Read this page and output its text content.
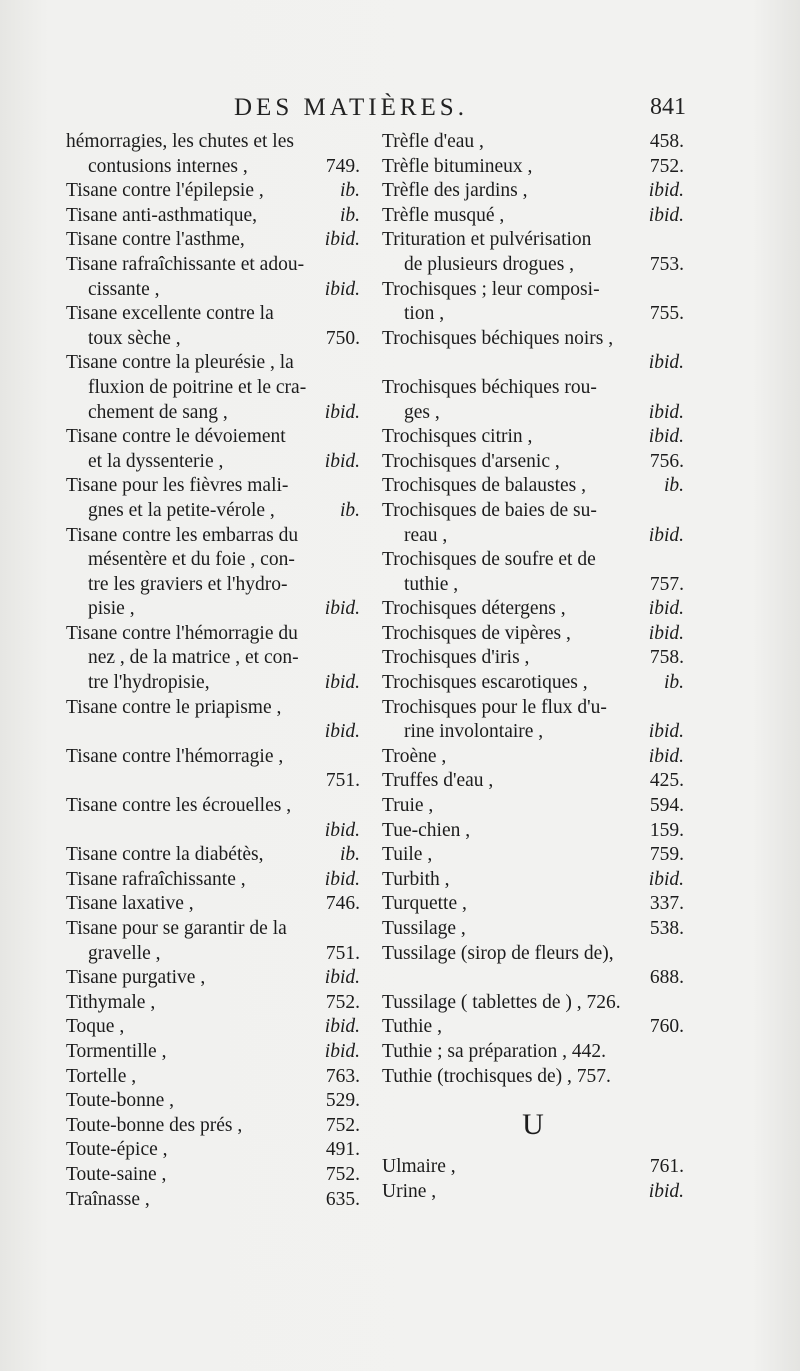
DES MATIÈRES.	841
hémorragies, les chutes et les
contusions internes ,	749.
Tisane contre l'épilepsie ,	ib.
Tisane anti-asthmatique,	ib.
Tisane contre l'asthme,	ibid.
Tisane rafraîchissante et adou-
cissante ,	ibid.
Tisane excellente contre la
toux sèche ,	750.
Tisane contre la pleurésie , la
fluxion de poitrine et le cra-
chement de sang ,	ibid.
Tisane contre le dévoiement
et la dyssenterie ,	ibid.
Tisane pour les fièvres mali-
gnes et la petite-vérole ,	ib.
Tisane contre les embarras du
mésentère et du foie , con-
tre les graviers et l'hydro-
pisie ,	ibid.
Tisane contre l'hémorragie du
nez , de la matrice , et con-
tre l'hydropisie,	ibid.
Tisane contre le priapisme ,
ibid.
Tisane contre l'hémorragie ,
751.
Tisane contre les écrouelles ,
ibid.
Tisane contre la diabétès,	ib.
Tisane rafraîchissante ,	ibid.
Tisane laxative ,	746.
Tisane pour se garantir de la
gravelle ,	751.
Tisane purgative ,	ibid.
Tithymale ,	752.
Toque ,	ibid.
Tormentille ,	ibid.
Tortelle ,	763.
Toute-bonne ,	529.
Toute-bonne des prés ,	752.
Toute-épice ,	491.
Toute-saine ,	752.
Traînasse ,	635.
Trèfle d'eau ,	458.
Trèfle bitumineux ,	752.
Trèfle des jardins ,	ibid.
Trèfle musqué ,	ibid.
Trituration et pulvérisation
de plusieurs drogues ,	753.
Trochisques ; leur composi-
tion ,	755.
Trochisques béchiques noirs ,
ibid.
Trochisques béchiques rou-
ges ,	ibid.
Trochisques citrin ,	ibid.
Trochisques d'arsenic ,	756.
Trochisques de balaustes ,	ib.
Trochisques de baies de su-
reau ,	ibid.
Trochisques de soufre et de
tuthie ,	757.
Trochisques détergens ,	ibid.
Trochisques de vipères ,	ibid.
Trochisques d'iris ,	758.
Trochisques escarotiques ,	ib.
Trochisques pour le flux d'u-
rine involontaire ,	ibid.
Troène ,	ibid.
Truffes d'eau ,	425.
Truie ,	594.
Tue-chien ,	159.
Tuile ,	759.
Turbith ,	ibid.
Turquette ,	337.
Tussilage ,	538.
Tussilage (sirop de fleurs de),
688.
Tussilage ( tablettes de ) , 726.
Tuthie ,	760.
Tuthie ; sa préparation , 442.
Tuthie (trochisques de) , 757.
U
Ulmaire ,	761.
Urine ,	ibid.
